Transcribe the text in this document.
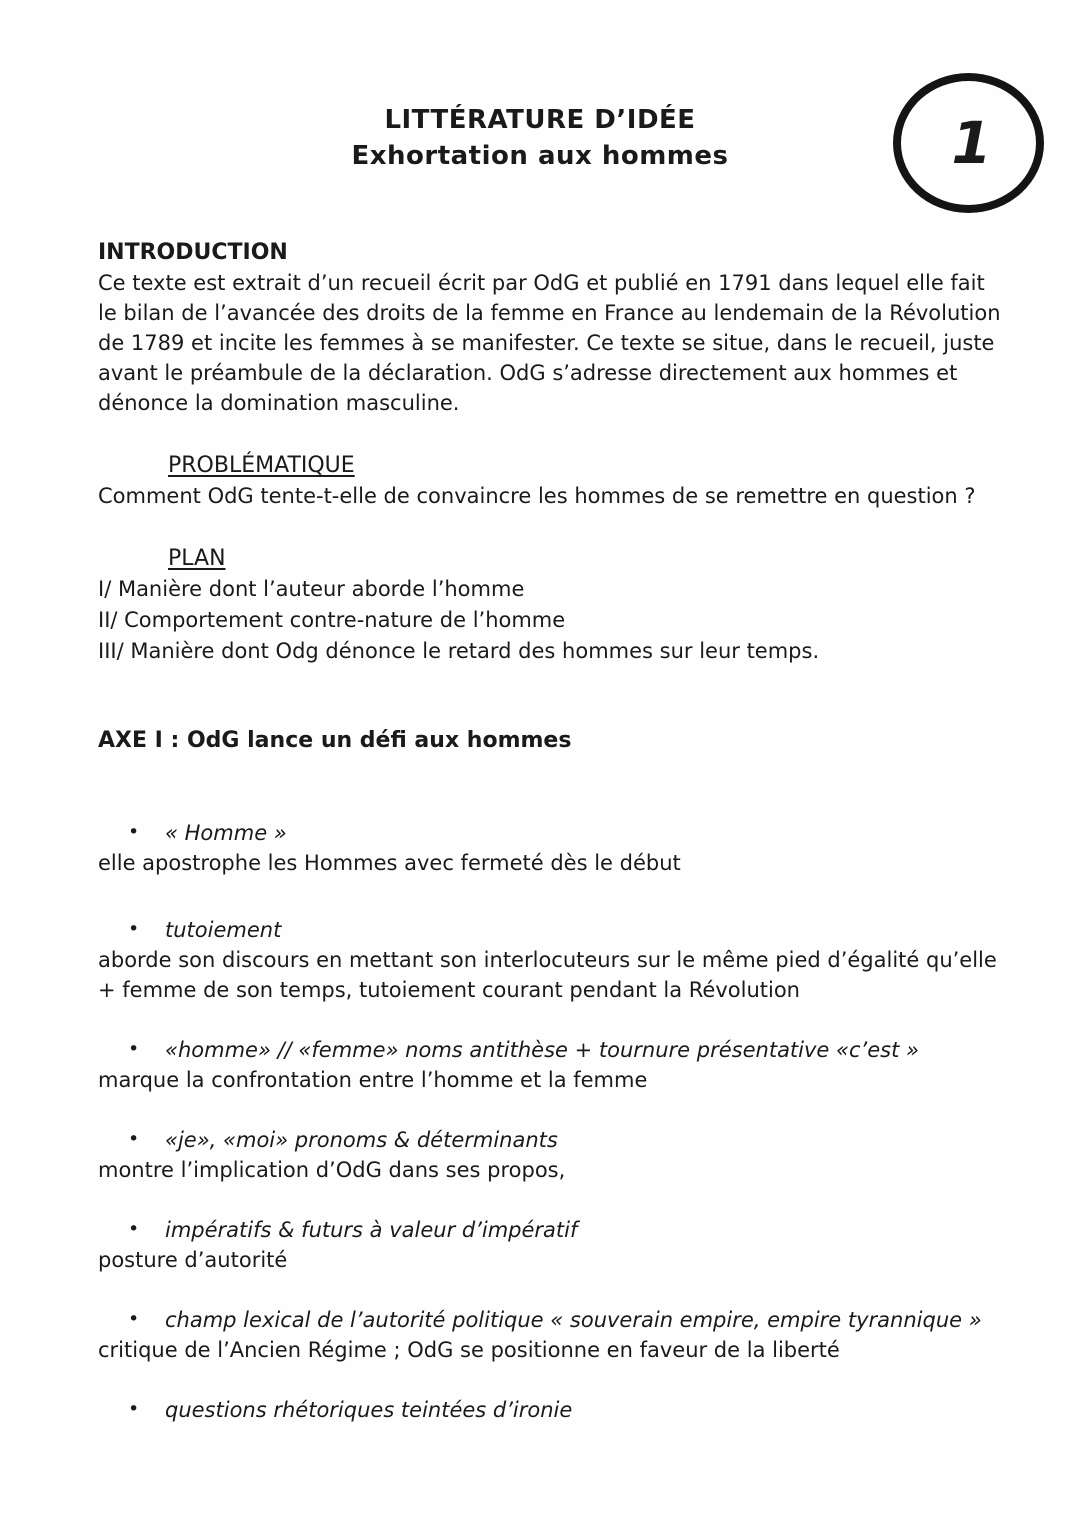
LITTÉRATURE D’IDÉE
Exhortation aux hommes	1
INTRODUCTION
Ce texte est extrait d’un recueil écrit par OdG et publié en 1791 dans lequel elle fait
le bilan de l’avancée des droits de la femme en France au lendemain de la Révolution
de 1789 et incite les femmes à se manifester. Ce texte se situe, dans le recueil, juste
avant le préambule de la déclaration. OdG s’adresse directement aux hommes et
dénonce la domination masculine.
PROBLÉMATIQUE
Comment OdG tente-t-elle de convaincre les hommes de se remettre en question ?
PLAN
I/ Manière dont l’auteur aborde l’homme
II/ Comportement contre-nature de l’homme
III/ Manière dont Odg dénonce le retard des hommes sur leur temps.
AXE I : OdG lance un défi aux hommes
• « Homme »
elle apostrophe les Hommes avec fermeté dès le début
• tutoiement
aborde son discours en mettant son interlocuteurs sur le même pied d’égalité qu’elle
+ femme de son temps, tutoiement courant pendant la Révolution
• «homme» // «femme» noms antithèse + tournure présentative «c’est »
marque la confrontation entre l’homme et la femme
• «je», «moi» pronoms & déterminants
montre l’implication d’OdG dans ses propos,
• impératifs & futurs à valeur d’impératif
posture d’autorité
• champ lexical de l’autorité politique « souverain empire, empire tyrannique »
critique de l’Ancien Régime ; OdG se positionne en faveur de la liberté
• questions rhétoriques teintées d’ironie
